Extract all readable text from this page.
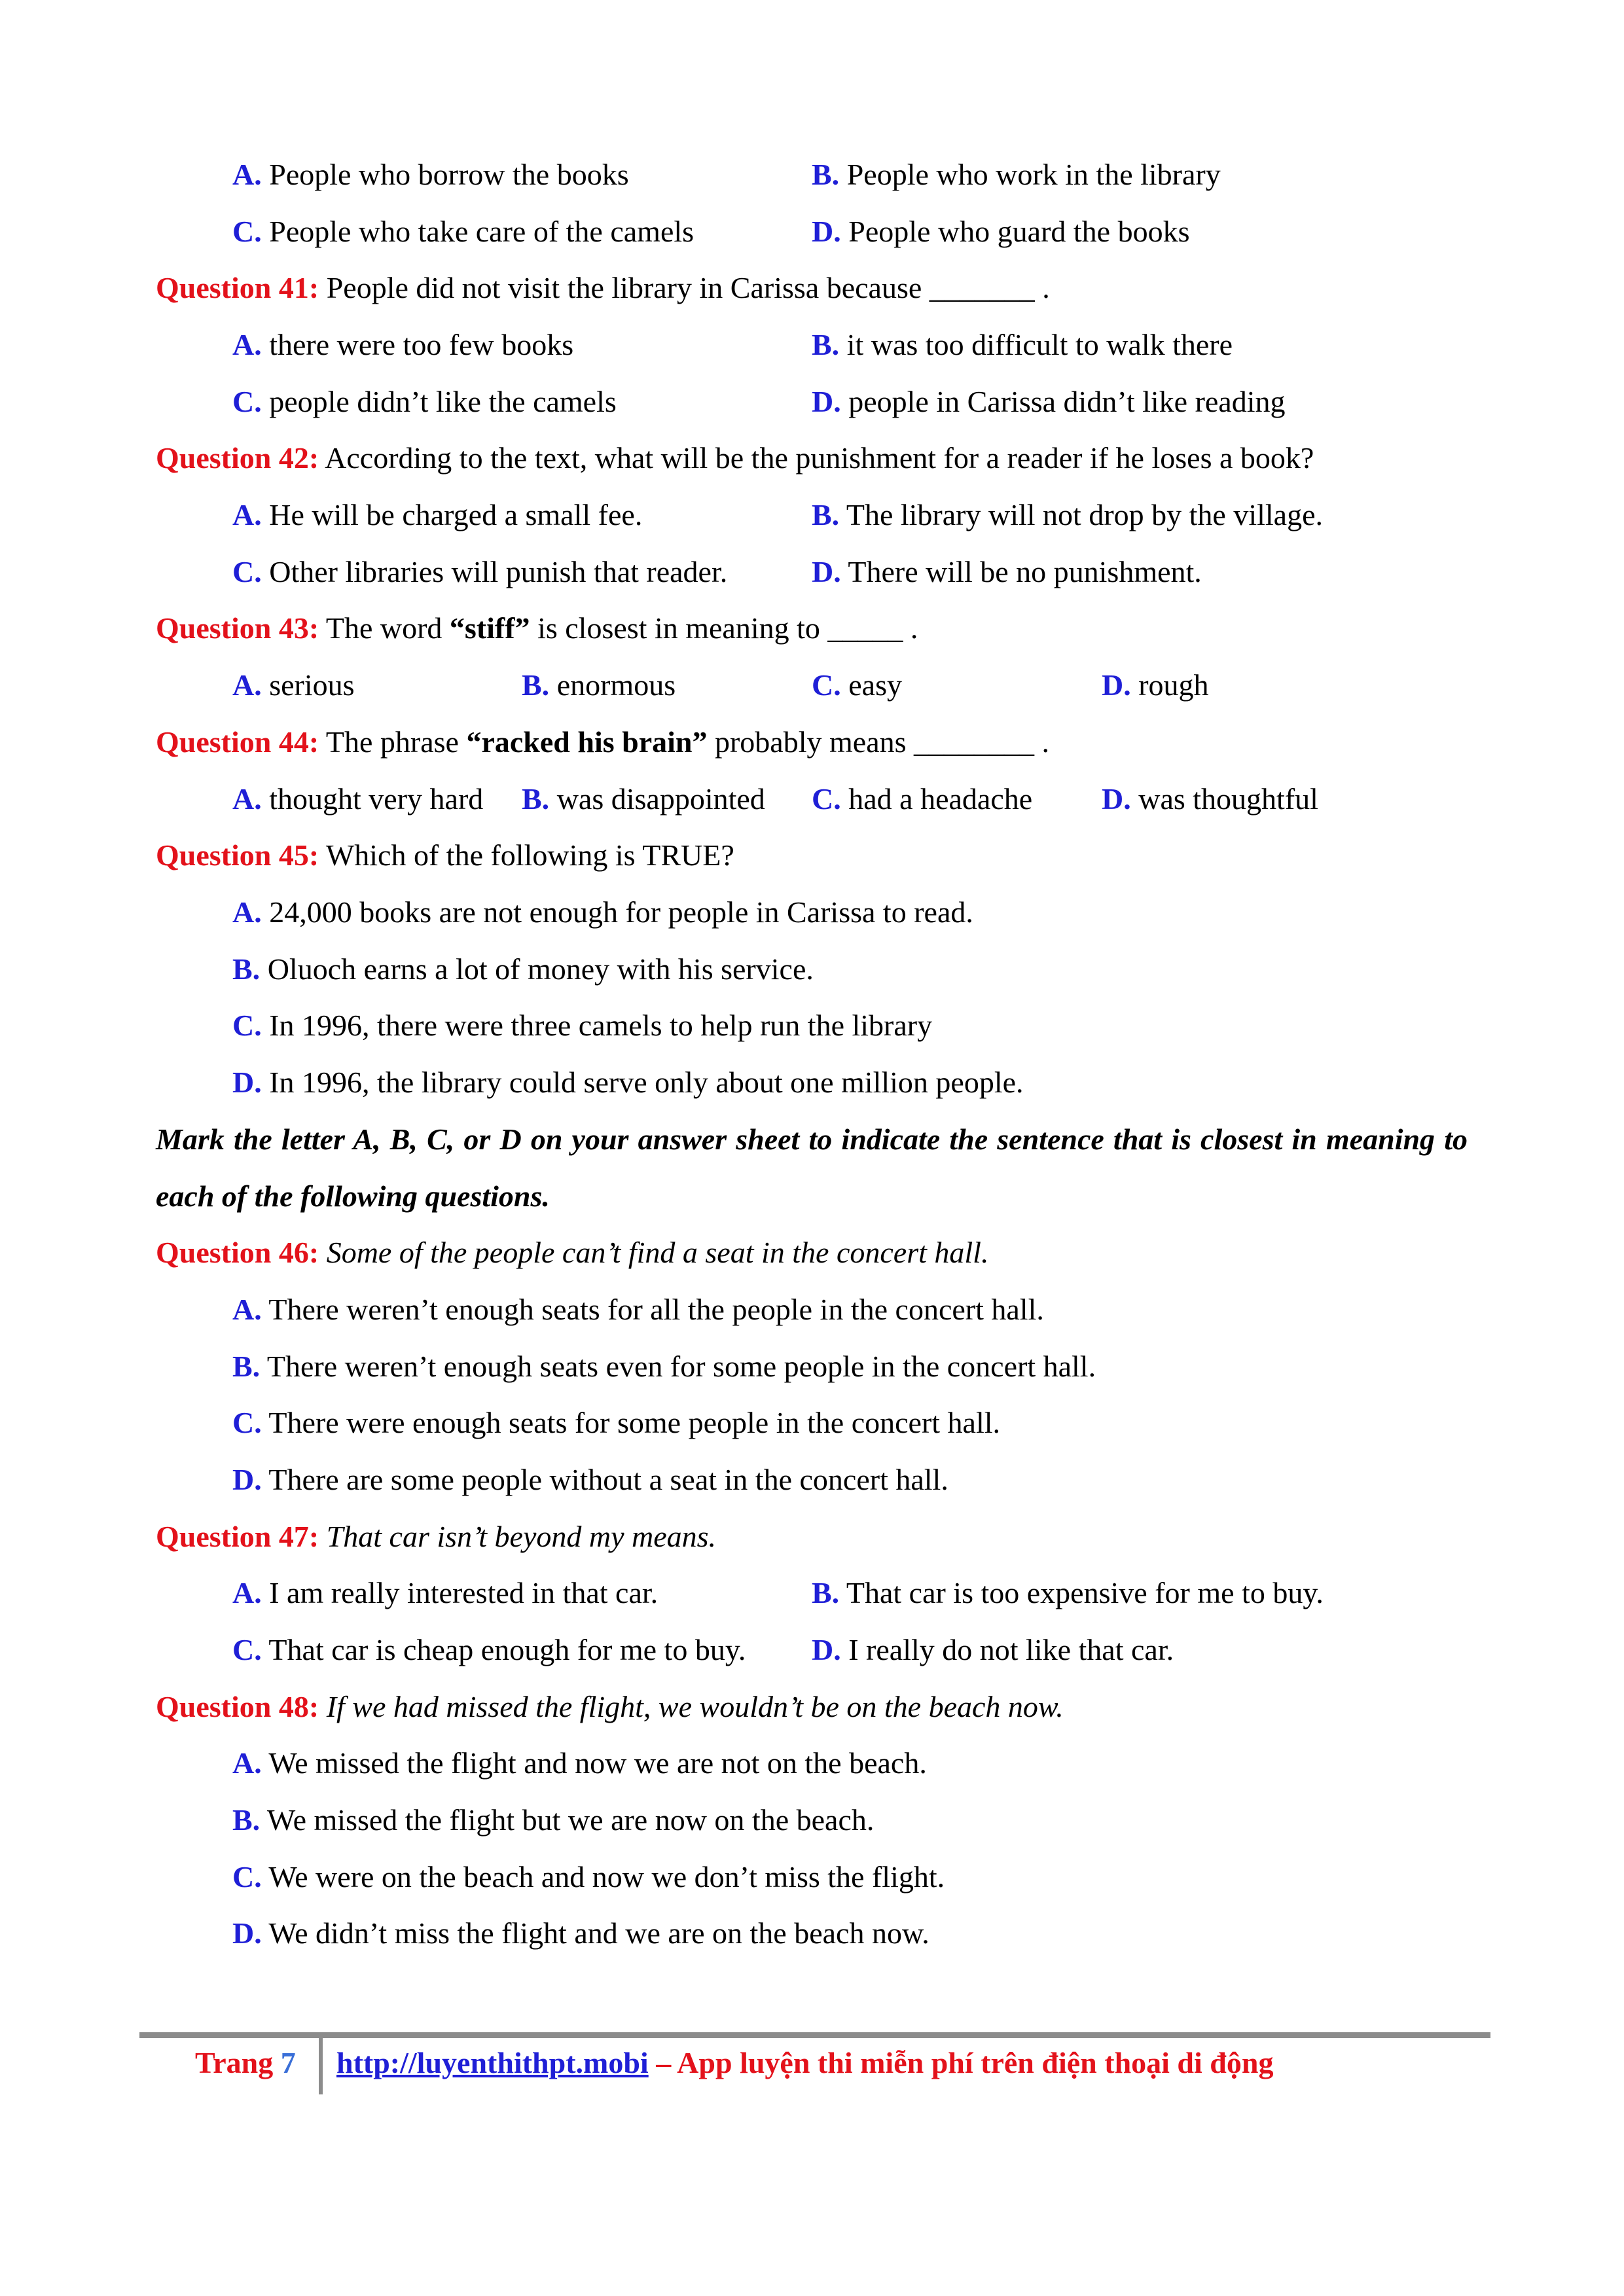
A. People who borrow the books	B. People who work in the library
C. People who take care of the camels	D. People who guard the books
Question 41: People did not visit the library in Carissa because _______ .
A. there were too few books	B. it was too difficult to walk there
C. people didn’t like the camels	D. people in Carissa didn’t like reading
Question 42: According to the text, what will be the punishment for a reader if he loses a book?
A. He will be charged a small fee.	B. The library will not drop by the village.
C. Other libraries will punish that reader.	D. There will be no punishment.
Question 43: The word “stiff” is closest in meaning to _____ .
A. serious	B. enormous	C. easy	D. rough
Question 44: The phrase “racked his brain” probably means ________ .
A. thought very hard B. was disappointed C. had a headache D. was thoughtful
Question 45: Which of the following is TRUE?
A. 24,000 books are not enough for people in Carissa to read.
B. Oluoch earns a lot of money with his service.
C. In 1996, there were three camels to help run the library
D. In 1996, the library could serve only about one million people.
Mark the letter A, B, C, or D on your answer sheet to indicate the sentence that is closest in meaning to each of the following questions.
Question 46: Some of the people can’t find a seat in the concert hall.
A. There weren’t enough seats for all the people in the concert hall.
B. There weren’t enough seats even for some people in the concert hall.
C. There were enough seats for some people in the concert hall.
D. There are some people without a seat in the concert hall.
Question 47: That car isn’t beyond my means.
A. I am really interested in that car.	B. That car is too expensive for me to buy.
C. That car is cheap enough for me to buy. D. I really do not like that car.
Question 48: If we had missed the flight, we wouldn’t be on the beach now.
A. We missed the flight and now we are not on the beach.
B. We missed the flight but we are now on the beach.
C. We were on the beach and now we don’t miss the flight.
D. We didn’t miss the flight and we are on the beach now.
Trang 7 http://luyenthithpt.mobi – App luyện thi miễn phí trên điện thoại di động
